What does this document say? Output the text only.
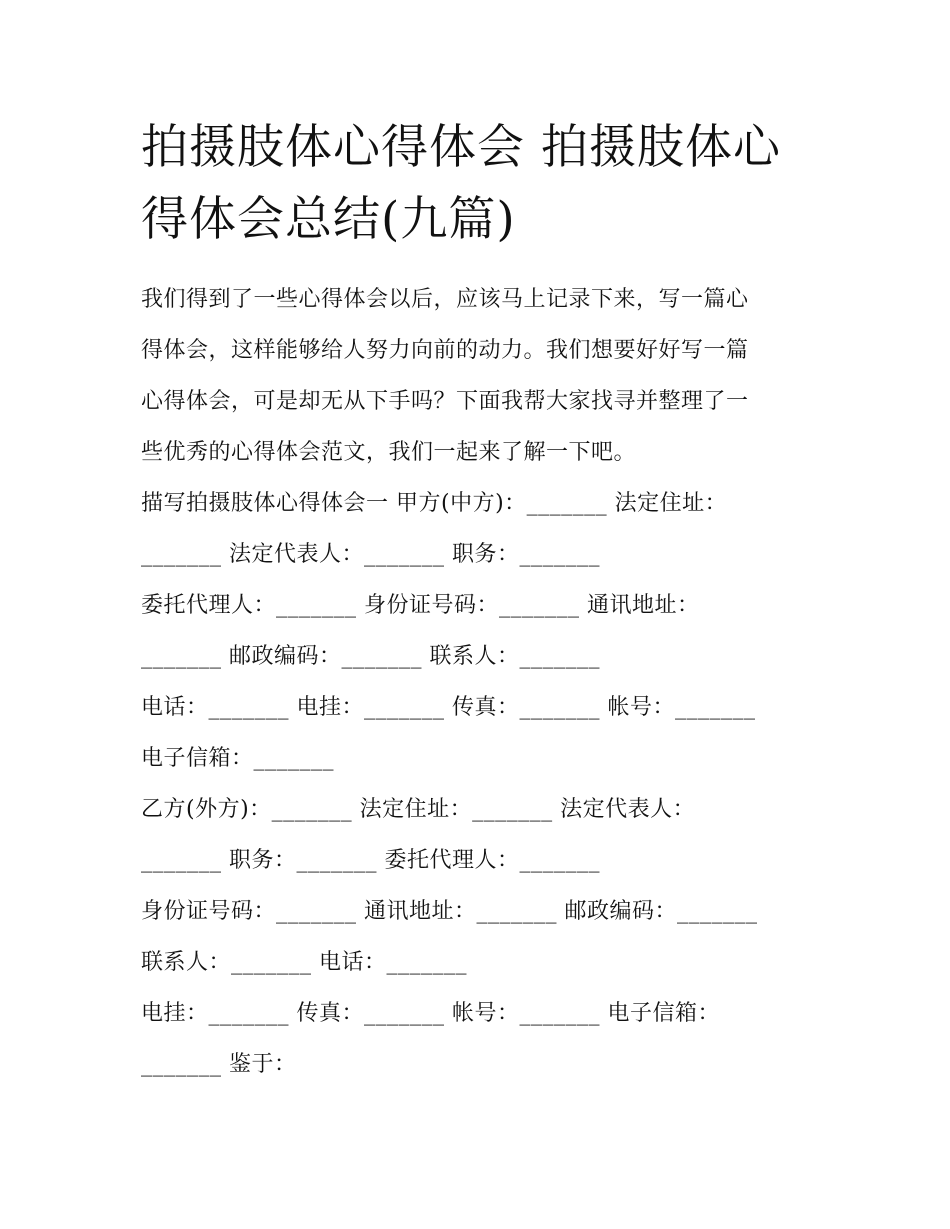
拍摄肢体心得体会 拍摄肢体心
得体会总结(九篇)
我们得到了一些心得体会以后，应该马上记录下来，写一篇心
得体会，这样能够给人努力向前的动力。我们想要好好写一篇
心得体会，可是却无从下手吗？下面我帮大家找寻并整理了一
些优秀的心得体会范文，我们一起来了解一下吧。
描写拍摄肢体心得体会一 甲方(中方)：_______ 法定住址：
_______ 法定代表人：_______ 职务：_______
委托代理人：_______ 身份证号码：_______ 通讯地址：
_______ 邮政编码：_______ 联系人：_______
电话：_______ 电挂：_______ 传真：_______ 帐号：_______
电子信箱：_______
乙方(外方)：_______ 法定住址：_______ 法定代表人：
_______ 职务：_______ 委托代理人：_______
身份证号码：_______ 通讯地址：_______ 邮政编码：_______
联系人：_______ 电话：_______
电挂：_______ 传真：_______ 帐号：_______ 电子信箱：
_______ 鉴于：
